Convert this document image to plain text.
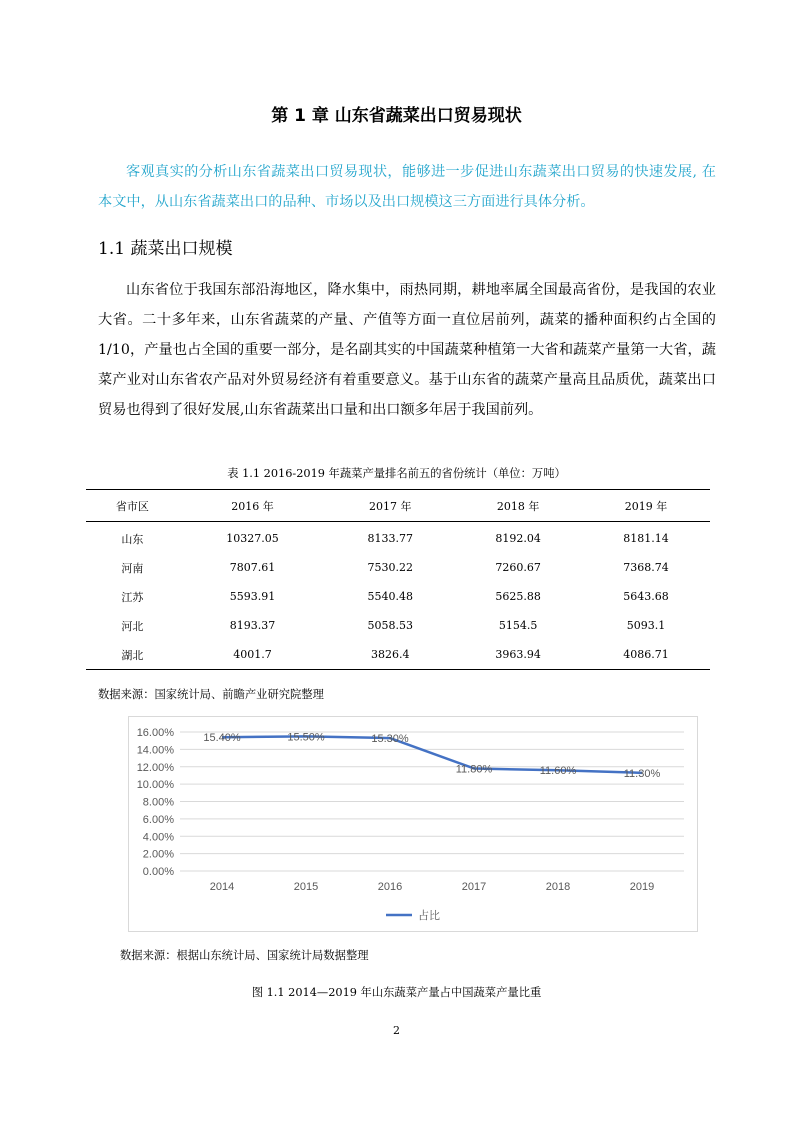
第 1 章 山东省蔬菜出口贸易现状
客观真实的分析山东省蔬菜出口贸易现状，能够进一步促进山东蔬菜出口贸易的快速发展, 在本文中，从山东省蔬菜出口的品种、市场以及出口规模这三方面进行具体分析。
1.1 蔬菜出口规模
山东省位于我国东部沿海地区，降水集中，雨热同期，耕地率属全国最高省份，是我国的农业大省。二十多年来，山东省蔬菜的产量、产值等方面一直位居前列，蔬菜的播种面积约占全国的 1/10，产量也占全国的重要一部分，是名副其实的中国蔬菜种植第一大省和蔬菜产量第一大省，蔬菜产业对山东省农产品对外贸易经济有着重要意义。基于山东省的蔬菜产量高且品质优，蔬菜出口贸易也得到了很好发展,山东省蔬菜出口量和出口额多年居于我国前列。
表 1.1 2016-2019 年蔬菜产量排名前五的省份统计（单位：万吨）
省市区	2016 年	2017 年	2018 年	2019 年
山东	10327.05	8133.77	8192.04	8181.14
河南	7807.61	7530.22	7260.67	7368.74
江苏	5593.91	5540.48	5625.88	5643.68
河北	8193.37	5058.53	5154.5	5093.1
湖北	4001.7	3826.4	3963.94	4086.71
数据来源：国家统计局、前瞻产业研究院整理
0.00%
2.00%
4.00%
6.00%
8.00%
10.00%
12.00%
14.00%
16.00%
2014	2015	2016	2017	2018	2019
15.40%	15.50%	15.30%
11.80%	11.60%	11.30%
占比
数据来源：根据山东统计局、国家统计局数据整理
图 1.1 2014—2019 年山东蔬菜产量占中国蔬菜产量比重
2
